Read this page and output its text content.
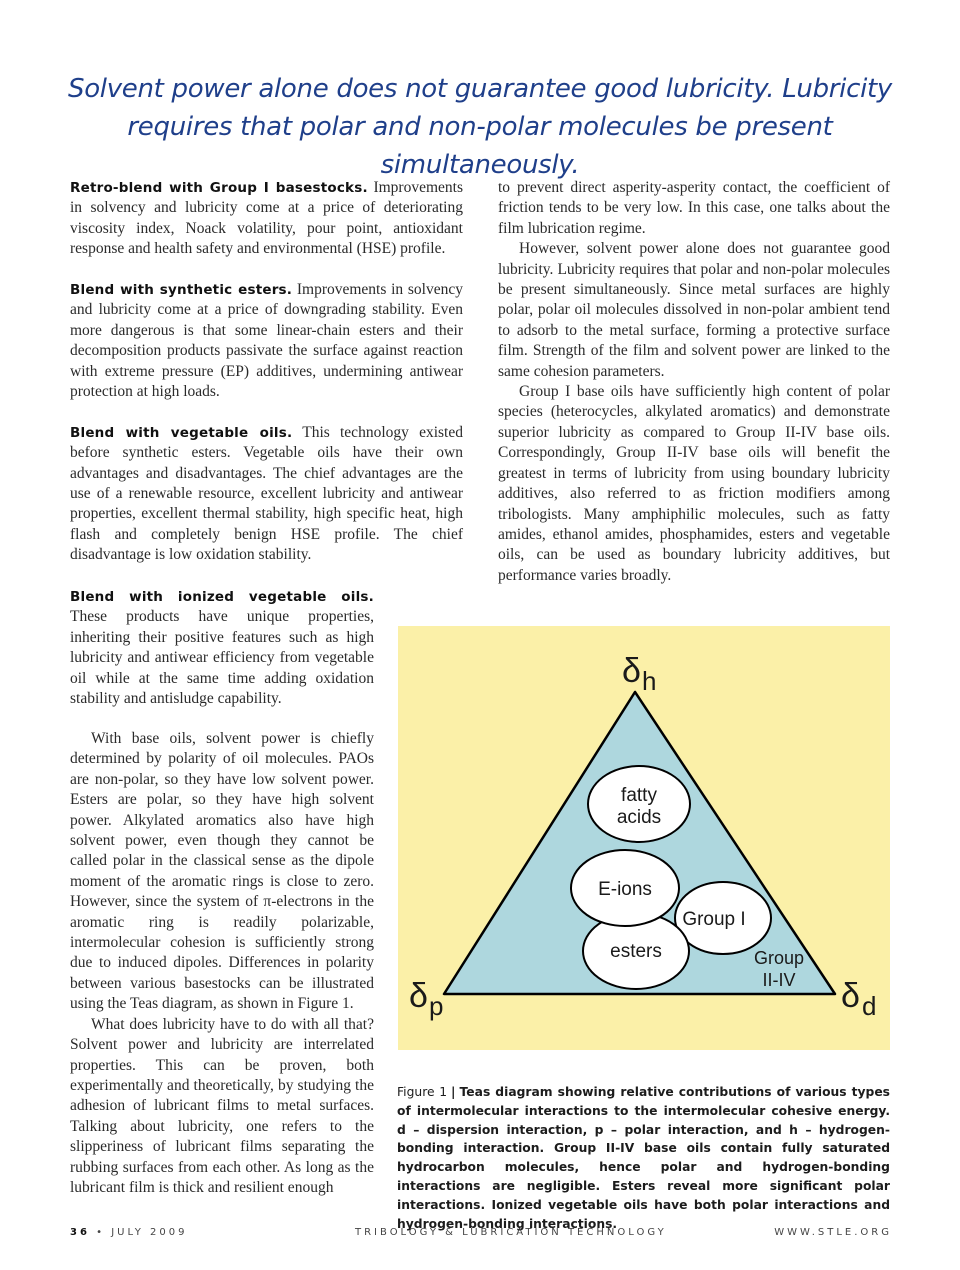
Solvent power alone does not guarantee good lubricity. Lubricity
requires that polar and non-polar molecules be present simultaneously.

Retro-blend with Group I basestocks. Improvements in solvency and lubricity come at a price of deteriorating viscosity index, Noack volatility, pour point, antioxidant response and health safety and environmental (HSE) profile.

Blend with synthetic esters. Improvements in solvency and lubricity come at a price of downgrading stability. Even more dangerous is that some linear-chain esters and their decomposition products passivate the surface against reaction with extreme pressure (EP) additives, undermining antiwear protection at high loads.

Blend with vegetable oils. This technology existed before synthetic esters. Vegetable oils have their own advantages and disadvantages. The chief advantages are the use of a renewable resource, excellent lubricity and antiwear properties, excellent thermal stability, high specific heat, high flash and completely benign HSE profile. The chief disadvantage is low oxidation stability.

Blend with ionized vegetable oils. These products have unique properties, inheriting their positive features such as high lubricity and antiwear efficiency from vegetable oil while at the same time adding oxidation stability and antisludge capability.

With base oils, solvent power is chiefly determined by polarity of oil molecules. PAOs are non-polar, so they have low solvent power. Esters are polar, so they have high solvent power. Alkylated aromatics also have high solvent power, even though they cannot be called polar in the classical sense as the dipole moment of the aromatic rings is close to zero. However, since the system of π-electrons in the aromatic ring is readily polarizable, intermolecular cohesion is sufficiently strong due to induced dipoles. Differences in polarity between various basestocks can be illustrated using the Teas diagram, as shown in Figure 1.

What does lubricity have to do with all that? Solvent power and lubricity are interrelated properties. This can be proven, both experimentally and theoretically, by studying the adhesion of lubricant films to metal surfaces. Talking about lubricity, one refers to the slipperiness of lubricant films separating the rubbing surfaces from each other. As long as the lubricant film is thick and resilient enough

to prevent direct asperity-asperity contact, the coefficient of friction tends to be very low. In this case, one talks about the film lubrication regime.

However, solvent power alone does not guarantee good lubricity. Lubricity requires that polar and non-polar molecules be present simultaneously. Since metal surfaces are highly polar, polar oil molecules dissolved in non-polar ambient tend to adsorb to the metal surface, forming a protective surface film. Strength of the film and solvent power are linked to the same cohesion parameters.

Group I base oils have sufficiently high content of polar species (heterocycles, alkylated aromatics) and demonstrate superior lubricity as compared to Group II-IV base oils. Correspondingly, Group II-IV base oils will benefit the greatest in terms of lubricity from using boundary lubricity additives, also referred to as friction modifiers among tribologists. Many amphiphilic molecules, such as fatty amides, ethanol amides, phosphamides, esters and vegetable oils, can be used as boundary lubricity additives, but performance varies broadly.

Group
II-IV
Group I
esters
E-ions
fatty
acids
δ h
δ p	δ d
Figure 1 | Teas diagram showing relative contributions of various types of intermolecular interactions to the intermolecular cohesive energy. d – dispersion interaction, p – polar interaction, and h – hydrogen-bonding interaction. Group II-IV base oils contain fully saturated hydrocarbon molecules, hence polar and hydrogen-bonding interactions are negligible. Esters reveal more significant polar interactions. Ionized vegetable oils have both polar interactions and hydrogen-bonding interactions.
36 • JULY 2009	TRIBOLOGY & LUBRICATION TECHNOLOGY	WWW.STLE.ORG
